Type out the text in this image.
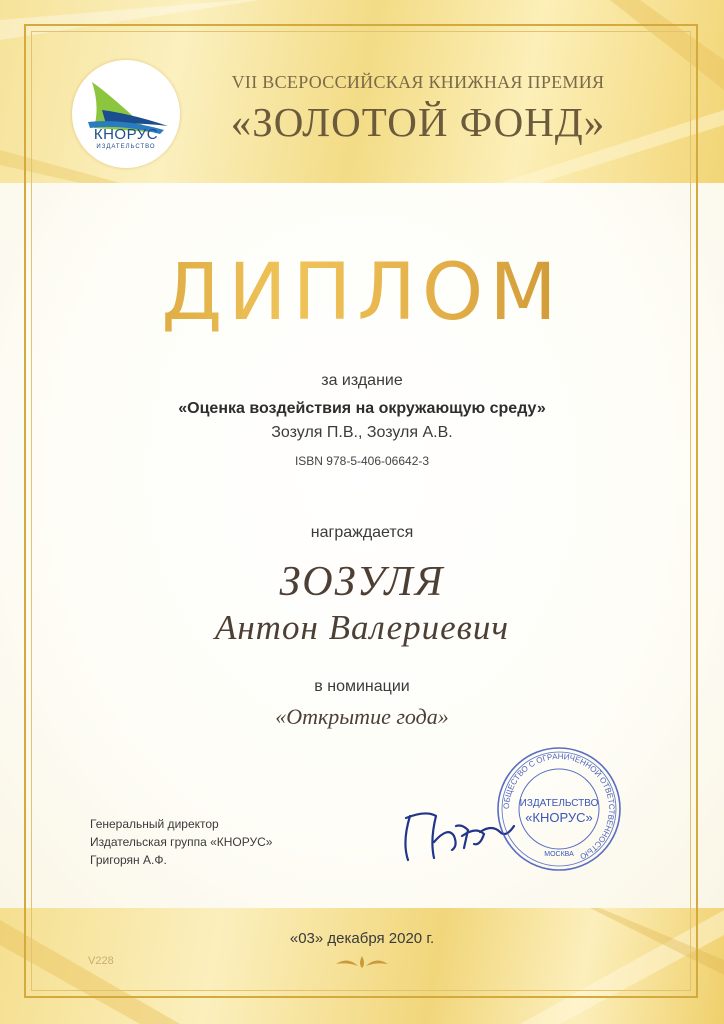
КНОРУС
ИЗДАТЕЛЬСТВО
VII ВСЕРОССИЙСКАЯ КНИЖНАЯ ПРЕМИЯ
«ЗОЛОТОЙ ФОНД»
ДИПЛОМ
за издание
«Оценка воздействия на окружающую среду»
Зозуля П.В., Зозуля А.В.
ISBN 978-5-406-06642-3
награждается
ЗОЗУЛЯ
Антон Валериевич
в номинации
«Открытие года»
Генеральный директор
Издательская группа «КНОРУС»
Григорян А.Ф.
ОБЩЕСТВО С ОГРАНИЧЕННОЙ ОТВЕТСТВЕННОСТЬЮ
ИЗДАТЕЛЬСТВО
«КНОРУС»
МОСКВА
«03» декабря 2020 г.
V228
